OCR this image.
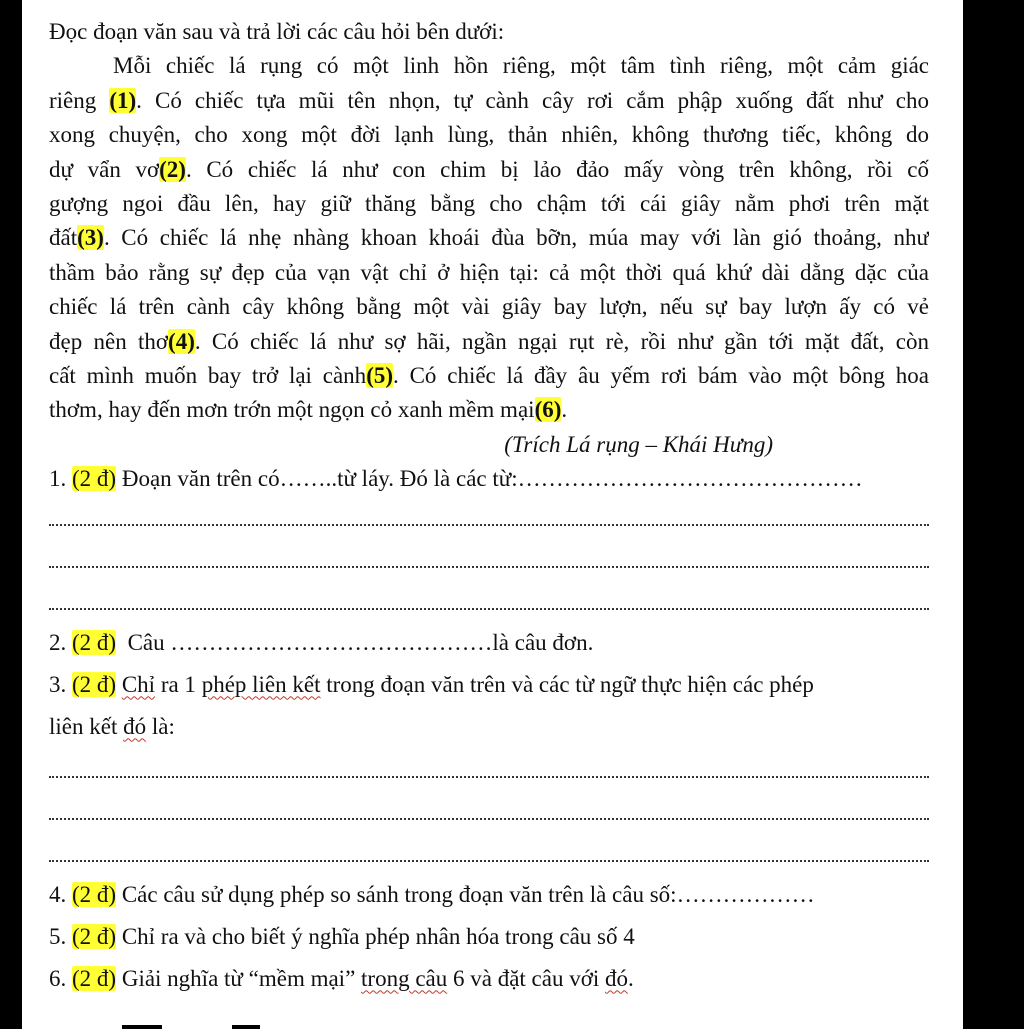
Đọc đoạn văn sau và trả lời các câu hỏi bên dưới:
Mỗi chiếc lá rụng có một linh hồn riêng, một tâm tình riêng, một cảm giác
riêng (1). Có chiếc tựa mũi tên nhọn, tự cành cây rơi cắm phập xuống đất như cho
xong chuyện, cho xong một đời lạnh lùng, thản nhiên, không thương tiếc, không do
dự vẩn vơ(2). Có chiếc lá như con chim bị lảo đảo mấy vòng trên không, rồi cố
gượng ngoi đầu lên, hay giữ thăng bằng cho chậm tới cái giây nằm phơi trên mặt
đất(3). Có chiếc lá nhẹ nhàng khoan khoái đùa bỡn, múa may với làn gió thoảng, như
thầm bảo rằng sự đẹp của vạn vật chỉ ở hiện tại: cả một thời quá khứ dài dằng dặc của
chiếc lá trên cành cây không bằng một vài giây bay lượn, nếu sự bay lượn ấy có vẻ
đẹp nên thơ(4). Có chiếc lá như sợ hãi, ngần ngại rụt rè, rồi như gần tới mặt đất, còn
cất mình muốn bay trở lại cành(5). Có chiếc lá đầy âu yếm rơi bám vào một bông hoa
thơm, hay đến mơn trớn một ngọn cỏ xanh mềm mại(6).
(Trích Lá rụng – Khái Hưng)
1. (2 đ) Đoạn văn trên có……..từ láy. Đó là các từ:………………………………………
2. (2 đ)  Câu ……………………………………là câu đơn.
3. (2 đ) Chỉ ra 1 phép liên kết trong đoạn văn trên và các từ ngữ thực hiện các phép
liên kết đó là:
4. (2 đ) Các câu sử dụng phép so sánh trong đoạn văn trên là câu số:………………
5. (2 đ) Chỉ ra và cho biết ý nghĩa phép nhân hóa trong câu số 4
6. (2 đ) Giải nghĩa từ “mềm mại” trong câu 6 và đặt câu với đó.
